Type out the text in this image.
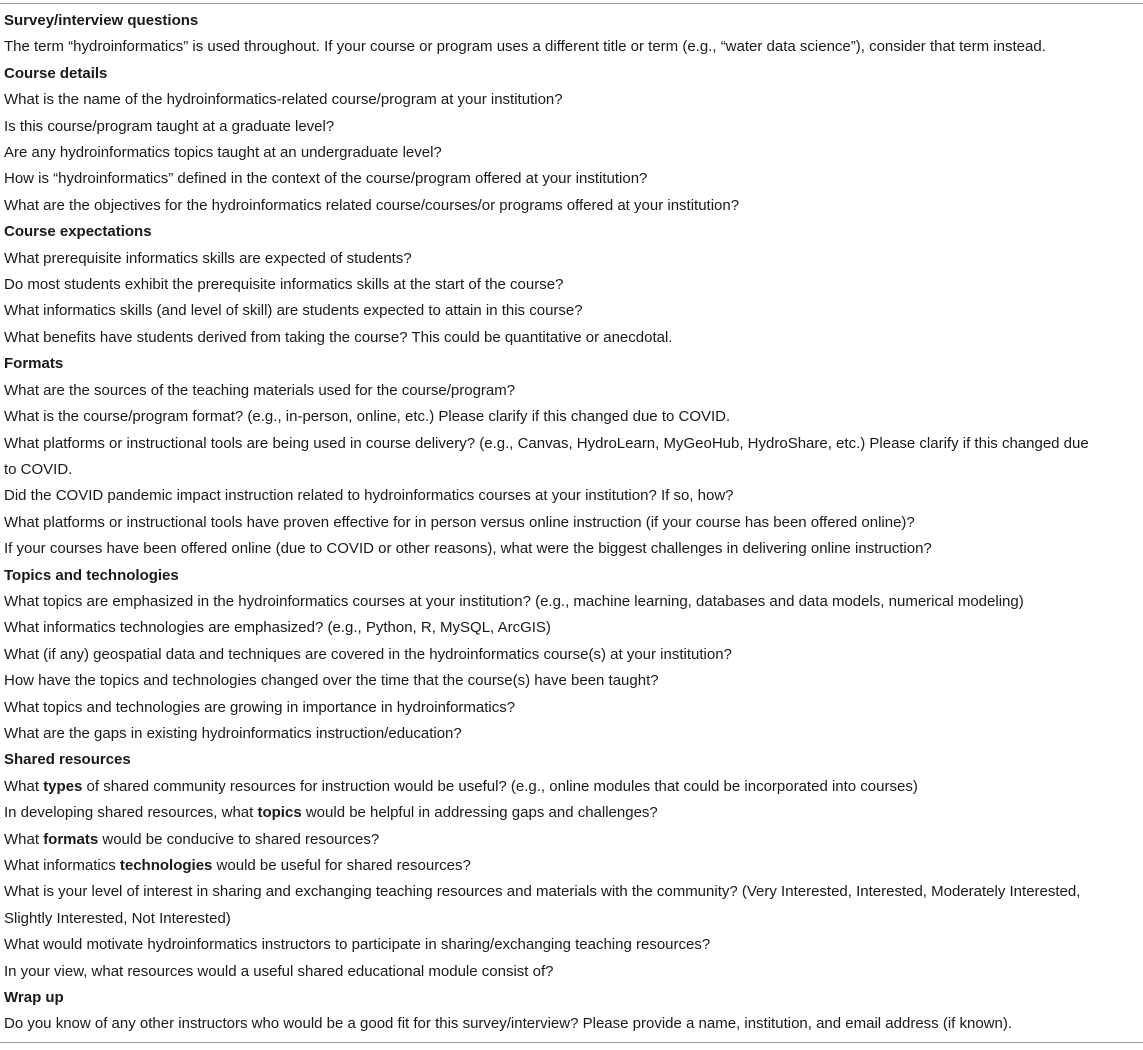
Survey/interview questions
The term “hydroinformatics” is used throughout. If your course or program uses a different title or term (e.g., “water data science”), consider that term instead.
Course details
What is the name of the hydroinformatics-related course/program at your institution?
Is this course/program taught at a graduate level?
Are any hydroinformatics topics taught at an undergraduate level?
How is “hydroinformatics” defined in the context of the course/program offered at your institution?
What are the objectives for the hydroinformatics related course/courses/or programs offered at your institution?
Course expectations
What prerequisite informatics skills are expected of students?
Do most students exhibit the prerequisite informatics skills at the start of the course?
What informatics skills (and level of skill) are students expected to attain in this course?
What benefits have students derived from taking the course? This could be quantitative or anecdotal.
Formats
What are the sources of the teaching materials used for the course/program?
What is the course/program format? (e.g., in-person, online, etc.) Please clarify if this changed due to COVID.
What platforms or instructional tools are being used in course delivery? (e.g., Canvas, HydroLearn, MyGeoHub, HydroShare, etc.) Please clarify if this changed due to COVID.
Did the COVID pandemic impact instruction related to hydroinformatics courses at your institution? If so, how?
What platforms or instructional tools have proven effective for in person versus online instruction (if your course has been offered online)?
If your courses have been offered online (due to COVID or other reasons), what were the biggest challenges in delivering online instruction?
Topics and technologies
What topics are emphasized in the hydroinformatics courses at your institution? (e.g., machine learning, databases and data models, numerical modeling)
What informatics technologies are emphasized? (e.g., Python, R, MySQL, ArcGIS)
What (if any) geospatial data and techniques are covered in the hydroinformatics course(s) at your institution?
How have the topics and technologies changed over the time that the course(s) have been taught?
What topics and technologies are growing in importance in hydroinformatics?
What are the gaps in existing hydroinformatics instruction/education?
Shared resources
What types of shared community resources for instruction would be useful? (e.g., online modules that could be incorporated into courses)
In developing shared resources, what topics would be helpful in addressing gaps and challenges?
What formats would be conducive to shared resources?
What informatics technologies would be useful for shared resources?
What is your level of interest in sharing and exchanging teaching resources and materials with the community? (Very Interested, Interested, Moderately Interested, Slightly Interested, Not Interested)
What would motivate hydroinformatics instructors to participate in sharing/exchanging teaching resources?
In your view, what resources would a useful shared educational module consist of?
Wrap up
Do you know of any other instructors who would be a good fit for this survey/interview? Please provide a name, institution, and email address (if known).
